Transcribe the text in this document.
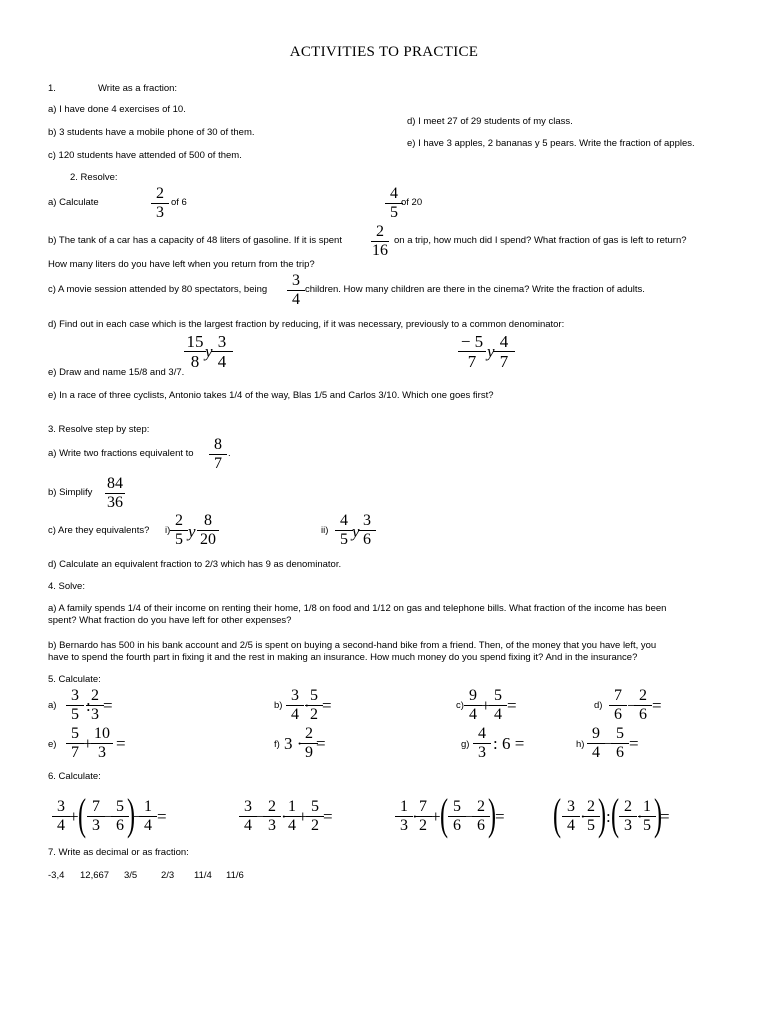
ACTIVITIES TO PRACTICE
1.	Write as a fraction:
a) I have done 4 exercises of 10.
b) 3 students have a mobile phone of 30 of them.
c) 120 students have attended of 500 of them.
d) I meet 27 of 29 students of my class.
e) I have 3 apples, 2 bananas y 5 pears. Write the fraction of apples.
2. Resolve:
a) Calculate
2
3
of 6
4
5
of 20
b) The tank of a car has a capacity of 48 liters of gasoline. If it is spent
2
16
on a trip, how much did I spend? What fraction of gas is left to return?
How many liters do you have left when you return from the trip?
c) A movie session attended by 80 spectators, being
3
4
children. How many children are there in the cinema? Write the fraction of adults.
d) Find out in each case which is the largest fraction by reducing, if it was necessary, previously to a common denominator:
15
8
y
3
4
− 5
7
y
4
7
e) Draw and name 15/8 and 3/7.
e) In a race of three cyclists, Antonio takes 1/4 of the way, Blas 1/5 and Carlos 3/10. Which one goes first?
3. Resolve step by step:
a) Write two fractions equivalent to
8
7
.
b) Simplify
84
36
c) Are they equivalents? i)
2
5 y
8
20
ii)
4
5 y
3
6
d) Calculate an equivalent fraction to 2/3 which has 9 as denominator.
4. Solve:
a) A family spends 1/4 of their income on renting their home, 1/8 on food and 1/12 on gas and telephone bills. What fraction of the income has been
spent? What fraction do you have left for other expenses?
b) Bernardo has 500 in his bank account and 2/5 is spent on buying a second-hand bike from a friend. Then, of the money that you have left, you
have to spend the fourth part in fixing it and the rest in making an insurance. How much money do you spend fixing it? And in the insurance?
5. Calculate:
a)
3
5 :
2
3 =	b)
3
4 ·
5
2 =	c)
9
4 +
5
4 =	d)
7
6 −
2
6 =
e)
5
7 +
10
3 =	f) 3 ·
2
9 =	g)
4
3 : 6 =	h)
9
4 −
5
6 =
6. Calculate:
3
4 + ( 7
3 −
5
6 )
−
1
4 =
3
4 −
2
3 ·
1
4 +
5
2 =
1
3 ·
7
2 + ( 5
6 −
2
6 )
= ( 3
4 ·
2
5 ) : ( 2
3 ·
1
5 )
=
7. Write as decimal or as fraction:
-3,4 12,667 3/5	2/3 11/4 11/6
